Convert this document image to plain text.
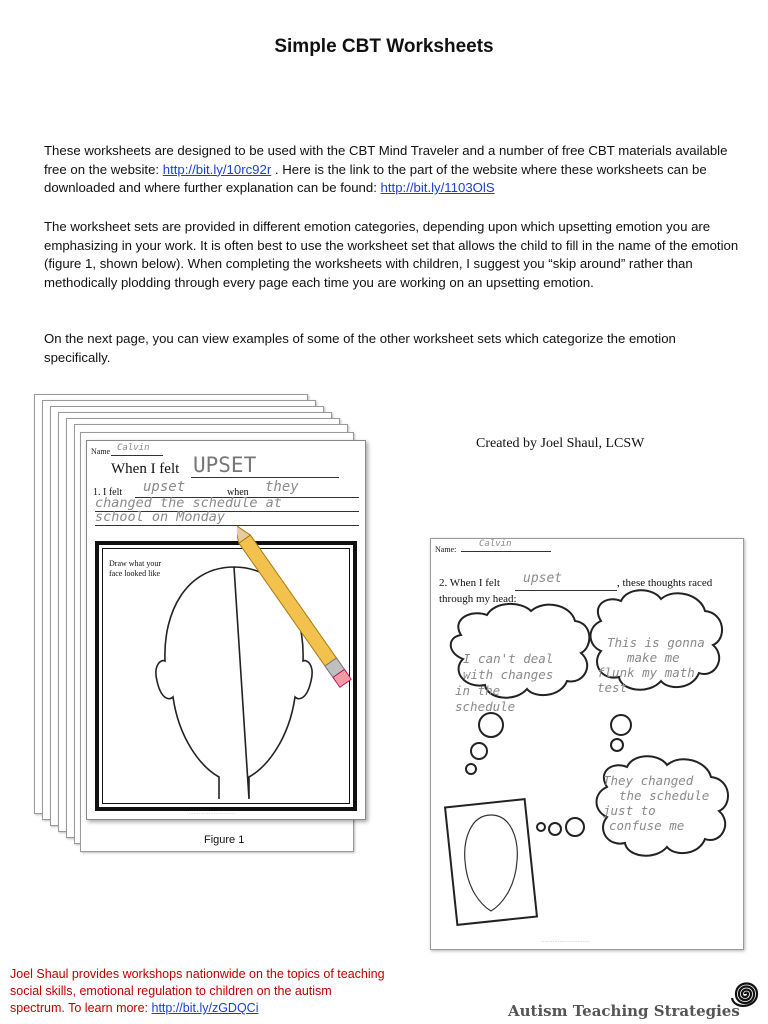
Simple CBT Worksheets
These worksheets are designed to be used with the CBT Mind Traveler and a number of free CBT materials available free on the website: http://bit.ly/10rc92r . Here is the link to the part of the website where these worksheets can be downloaded and where further explanation can be found: http://bit.ly/1103OlS
The worksheet sets are provided in different emotion categories, depending upon which upsetting emotion you are emphasizing in your work. It is often best to use the worksheet set that allows the child to fill in the name of the emotion (figure 1, shown below). When completing the worksheets with children, I suggest you “skip around” rather than methodically plodding through every page each time you are working on an upsetting emotion.
On the next page, you can view examples of some of the other worksheet sets which categorize the emotion specifically.
Name Calvin
When I felt UPSET
1. I felt upset	when they
changed the schedule at
school on Monday
Draw what your face looked like
·····························
Figure 1
Created by Joel Shaul, LCSW
Name:
Calvin
2. When I felt upset	, these thoughts raced
through my head:
I can't deal
with changes
in the
schedule
This is gonna
make me
flunk my math
test
They changed
the schedule
just to
confuse me
·····························
Joel Shaul provides workshops nationwide on the topics of teaching social skills, emotional regulation to children on the autism spectrum. To learn more: http://bit.ly/zGDQCi	Autism Teaching Strategies
